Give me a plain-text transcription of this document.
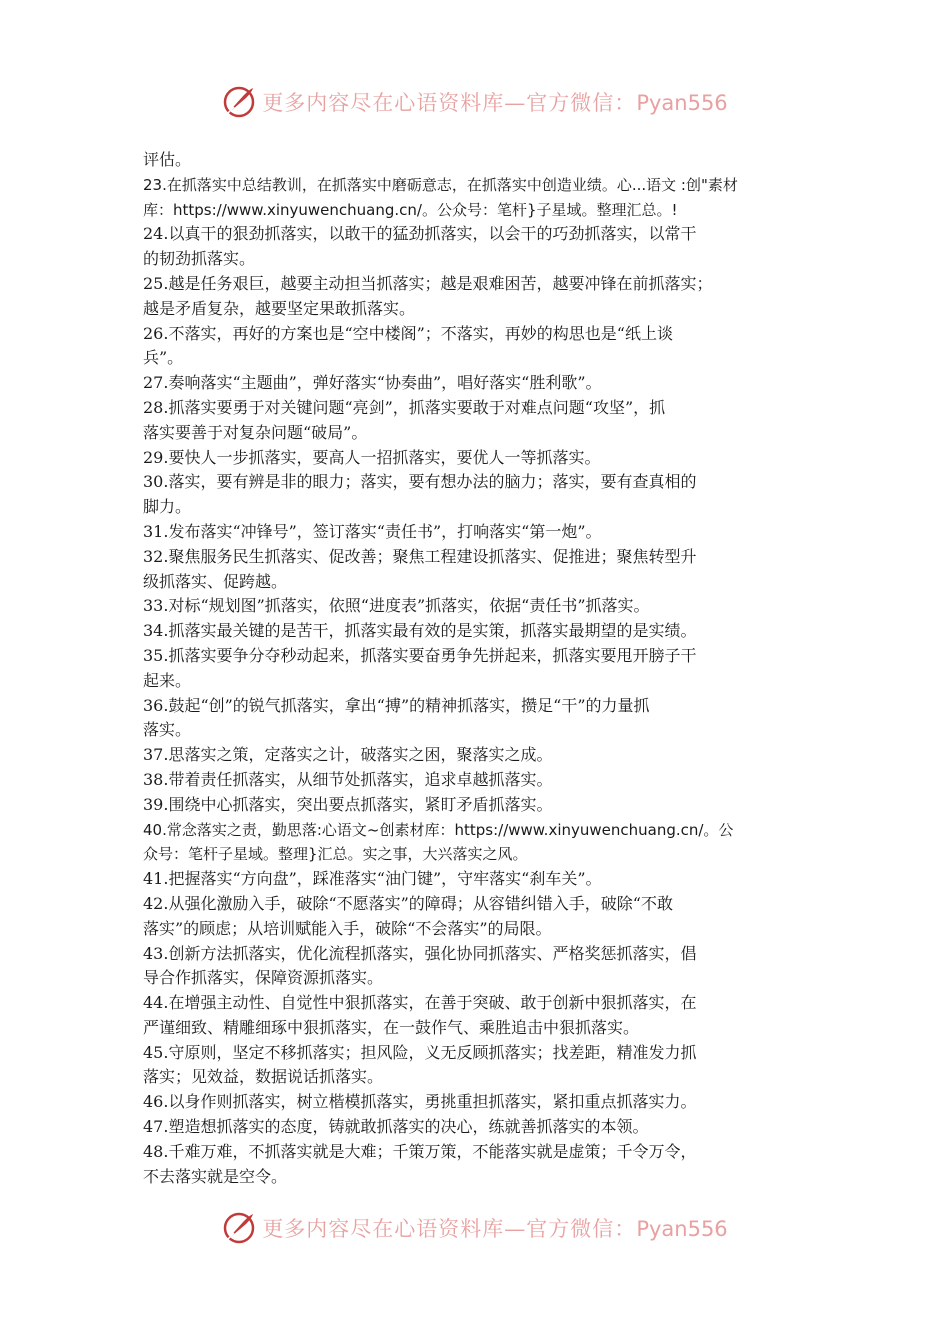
更多内容尽在心语资料库—官方微信：Pyan556
评估。
23.在抓落实中总结教训，在抓落实中磨砺意志，在抓落实中创造业绩。心...语文 :创"素材
库：https://www.xinyuwenchuang.cn/。公众号：笔杆}子星域。整理汇总。!
24.以真干的狠劲抓落实，以敢干的猛劲抓落实，以会干的巧劲抓落实，以常干
的韧劲抓落实。
25.越是任务艰巨，越要主动担当抓落实；越是艰难困苦，越要冲锋在前抓落实；
越是矛盾复杂，越要坚定果敢抓落实。
26.不落实，再好的方案也是“空中楼阁”；不落实，再妙的构思也是“纸上谈
兵”。
27.奏响落实“主题曲”，弹好落实“协奏曲”，唱好落实“胜利歌”。
28.抓落实要勇于对关键问题“亮剑”，抓落实要敢于对难点问题“攻坚”，抓
落实要善于对复杂问题“破局”。
29.要快人一步抓落实，要高人一招抓落实，要优人一等抓落实。
30.落实，要有辨是非的眼力；落实，要有想办法的脑力；落实，要有查真相的
脚力。
31.发布落实“冲锋号”，签订落实“责任书”，打响落实“第一炮”。
32.聚焦服务民生抓落实、促改善；聚焦工程建设抓落实、促推进；聚焦转型升
级抓落实、促跨越。
33.对标“规划图”抓落实，依照“进度表”抓落实，依据“责任书”抓落实。
34.抓落实最关键的是苦干，抓落实最有效的是实策，抓落实最期望的是实绩。
35.抓落实要争分夺秒动起来，抓落实要奋勇争先拼起来，抓落实要甩开膀子干
起来。
36.鼓起“创”的锐气抓落实，拿出“搏”的精神抓落实，攒足“干”的力量抓
落实。
37.思落实之策，定落实之计，破落实之困，聚落实之成。
38.带着责任抓落实，从细节处抓落实，追求卓越抓落实。
39.围绕中心抓落实，突出要点抓落实，紧盯矛盾抓落实。
40.常念落实之责，勤思落:心语文~创素材库：https://www.xinyuwenchuang.cn/。公
众号：笔杆子星域。整理}汇总。实之事，大兴落实之风。
41.把握落实“方向盘”，踩准落实“油门键”，守牢落实“刹车关”。
42.从强化激励入手，破除“不愿落实”的障碍；从容错纠错入手，破除“不敢
落实”的顾虑；从培训赋能入手，破除“不会落实”的局限。
43.创新方法抓落实，优化流程抓落实，强化协同抓落实、严格奖惩抓落实，倡
导合作抓落实，保障资源抓落实。
44.在增强主动性、自觉性中狠抓落实，在善于突破、敢于创新中狠抓落实，在
严谨细致、精雕细琢中狠抓落实，在一鼓作气、乘胜追击中狠抓落实。
45.守原则，坚定不移抓落实；担风险，义无反顾抓落实；找差距，精准发力抓
落实；见效益，数据说话抓落实。
46.以身作则抓落实，树立楷模抓落实，勇挑重担抓落实，紧扣重点抓落实力。
47.塑造想抓落实的态度，铸就敢抓落实的决心，练就善抓落实的本领。
48.千难万难，不抓落实就是大难；千策万策，不能落实就是虚策；千令万令，
不去落实就是空令。
更多内容尽在心语资料库—官方微信：Pyan556
